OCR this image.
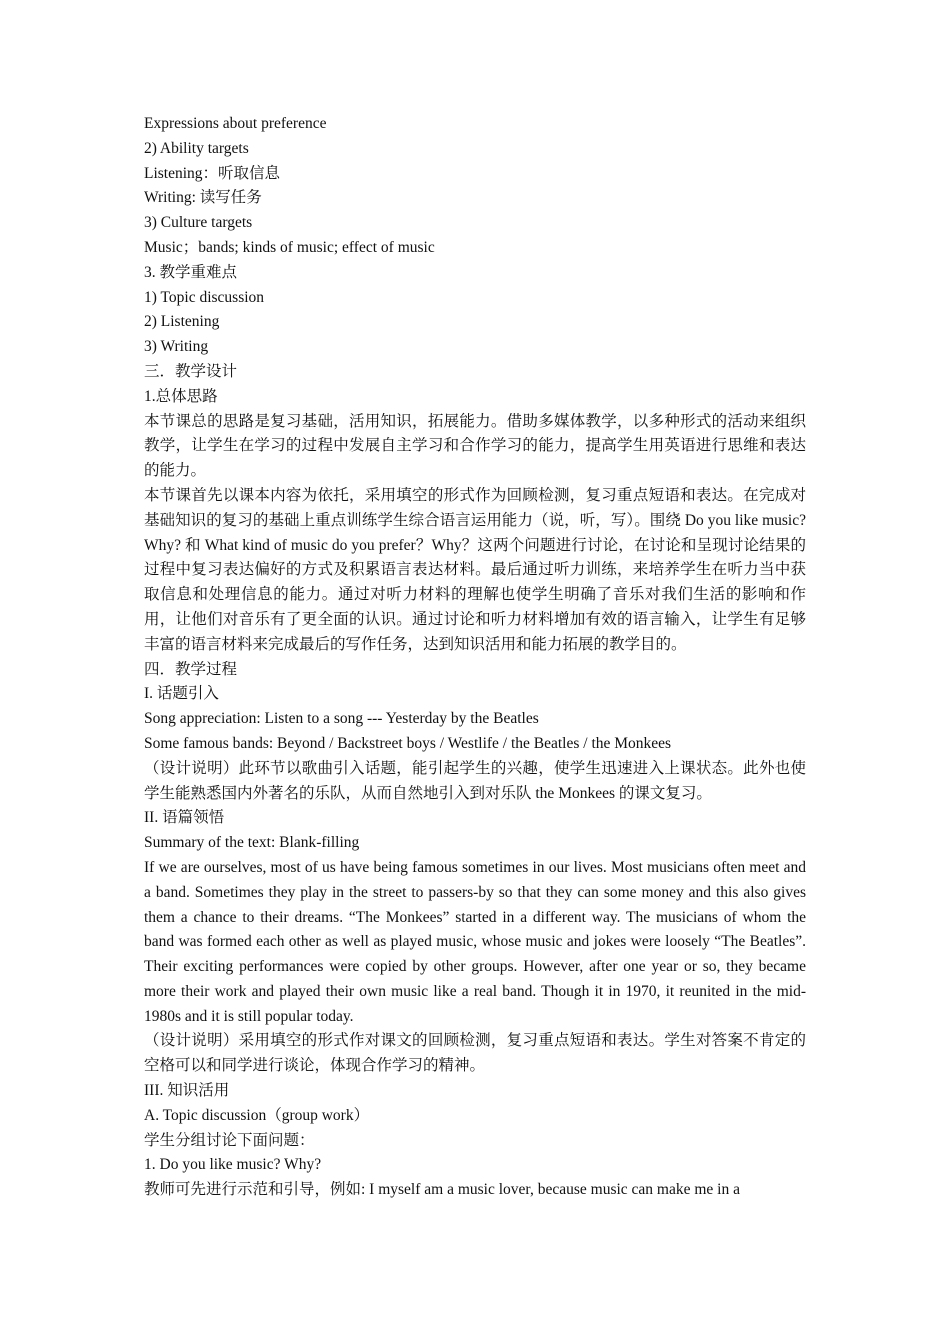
Expressions about preference

2) Ability targets

Listening：听取信息

Writing: 读写任务

3) Culture targets

Music；bands; kinds of music; effect of music

3. 教学重难点

1) Topic discussion

2) Listening

3) Writing

三．教学设计

1.总体思路

本节课总的思路是复习基础，活用知识，拓展能力。借助多媒体教学，以多种形式的活动来组织教学，让学生在学习的过程中发展自主学习和合作学习的能力，提高学生用英语进行思维和表达的能力。

本节课首先以课本内容为依托，采用填空的形式作为回顾检测，复习重点短语和表达。在完成对基础知识的复习的基础上重点训练学生综合语言运用能力（说，听，写）。围绕 Do you like music? Why? 和 What kind of music do you prefer？Why？这两个问题进行讨论，在讨论和呈现讨论结果的过程中复习表达偏好的方式及积累语言表达材料。最后通过听力训练，来培养学生在听力当中获取信息和处理信息的能力。通过对听力材料的理解也使学生明确了音乐对我们生活的影响和作用，让他们对音乐有了更全面的认识。通过讨论和听力材料增加有效的语言输入，让学生有足够丰富的语言材料来完成最后的写作任务，达到知识活用和能力拓展的教学目的。

四．教学过程

I. 话题引入

Song appreciation: Listen to a song --- Yesterday by the Beatles

Some famous bands: Beyond / Backstreet boys / Westlife / the Beatles / the Monkees

（设计说明）此环节以歌曲引入话题，能引起学生的兴趣，使学生迅速进入上课状态。此外也使学生能熟悉国内外著名的乐队，从而自然地引入到对乐队 the Monkees 的课文复习。

II. 语篇领悟

Summary of the text: Blank-filling

If we are ourselves, most of us have being famous sometimes in our lives. Most musicians often meet and a band. Sometimes they play in the street to passers-by so that they can some money and this also gives them a chance to their dreams. “The Monkees” started in a different way. The musicians of whom the band was formed each other as well as played music, whose music and jokes were loosely “The Beatles”. Their exciting performances were copied by other groups. However, after one year or so, they became more their work and played their own music like a real band. Though it in 1970, it reunited in the mid-1980s and it is still popular today.

（设计说明）采用填空的形式作对课文的回顾检测，复习重点短语和表达。学生对答案不肯定的空格可以和同学进行谈论，体现合作学习的精神。

III. 知识活用

A. Topic discussion（group work）

学生分组讨论下面问题：

1. Do you like music? Why?

教师可先进行示范和引导，例如: I myself am a music lover, because music can make me in a
